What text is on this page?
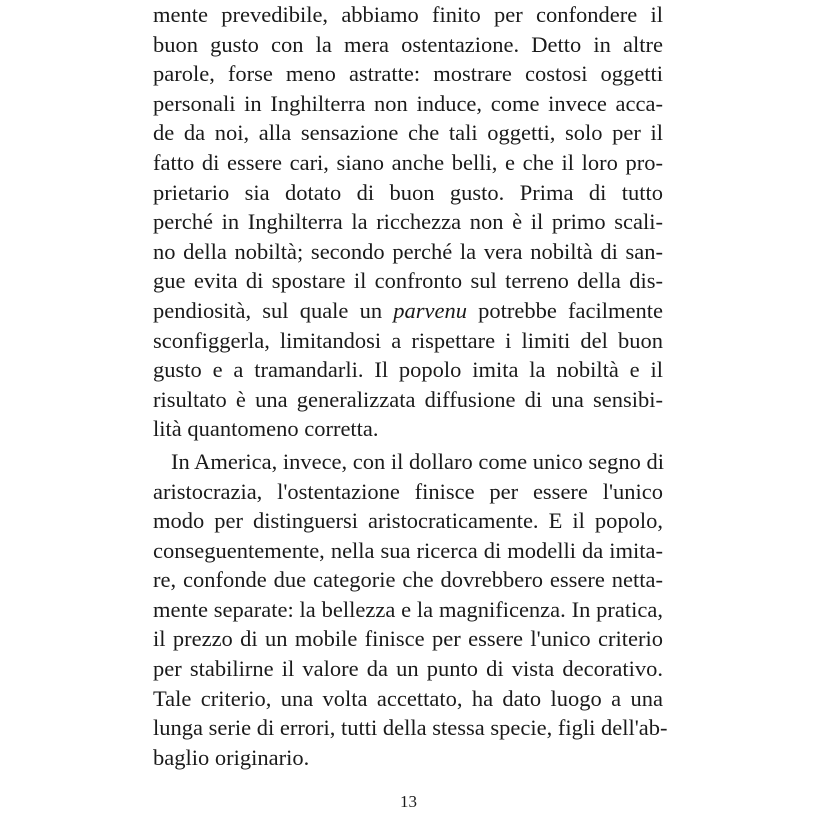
mente prevedibile, abbiamo finito per confondere il
buon gusto con la mera ostentazione. Detto in altre
parole, forse meno astratte: mostrare costosi oggetti
personali in Inghilterra non induce, come invece acca-
de da noi, alla sensazione che tali oggetti, solo per il
fatto di essere cari, siano anche belli, e che il loro pro-
prietario sia dotato di buon gusto. Prima di tutto
perché in Inghilterra la ricchezza non è il primo scali-
no della nobiltà; secondo perché la vera nobiltà di san-
gue evita di spostare il confronto sul terreno della dis-
pendiosità, sul quale un parvenu potrebbe facilmente
sconfiggerla, limitandosi a rispettare i limiti del buon
gusto e a tramandarli. Il popolo imita la nobiltà e il
risultato è una generalizzata diffusione di una sensibi-
lità quantomeno corretta.
In America, invece, con il dollaro come unico segno di
aristocrazia, l'ostentazione finisce per essere l'unico
modo per distinguersi aristocraticamente. E il popolo,
conseguentemente, nella sua ricerca di modelli da imita-
re, confonde due categorie che dovrebbero essere netta-
mente separate: la bellezza e la magnificenza. In pratica,
il prezzo di un mobile finisce per essere l'unico criterio
per stabilirne il valore da un punto di vista decorativo.
Tale criterio, una volta accettato, ha dato luogo a una
lunga serie di errori, tutti della stessa specie, figli dell'ab-
baglio originario.
13
